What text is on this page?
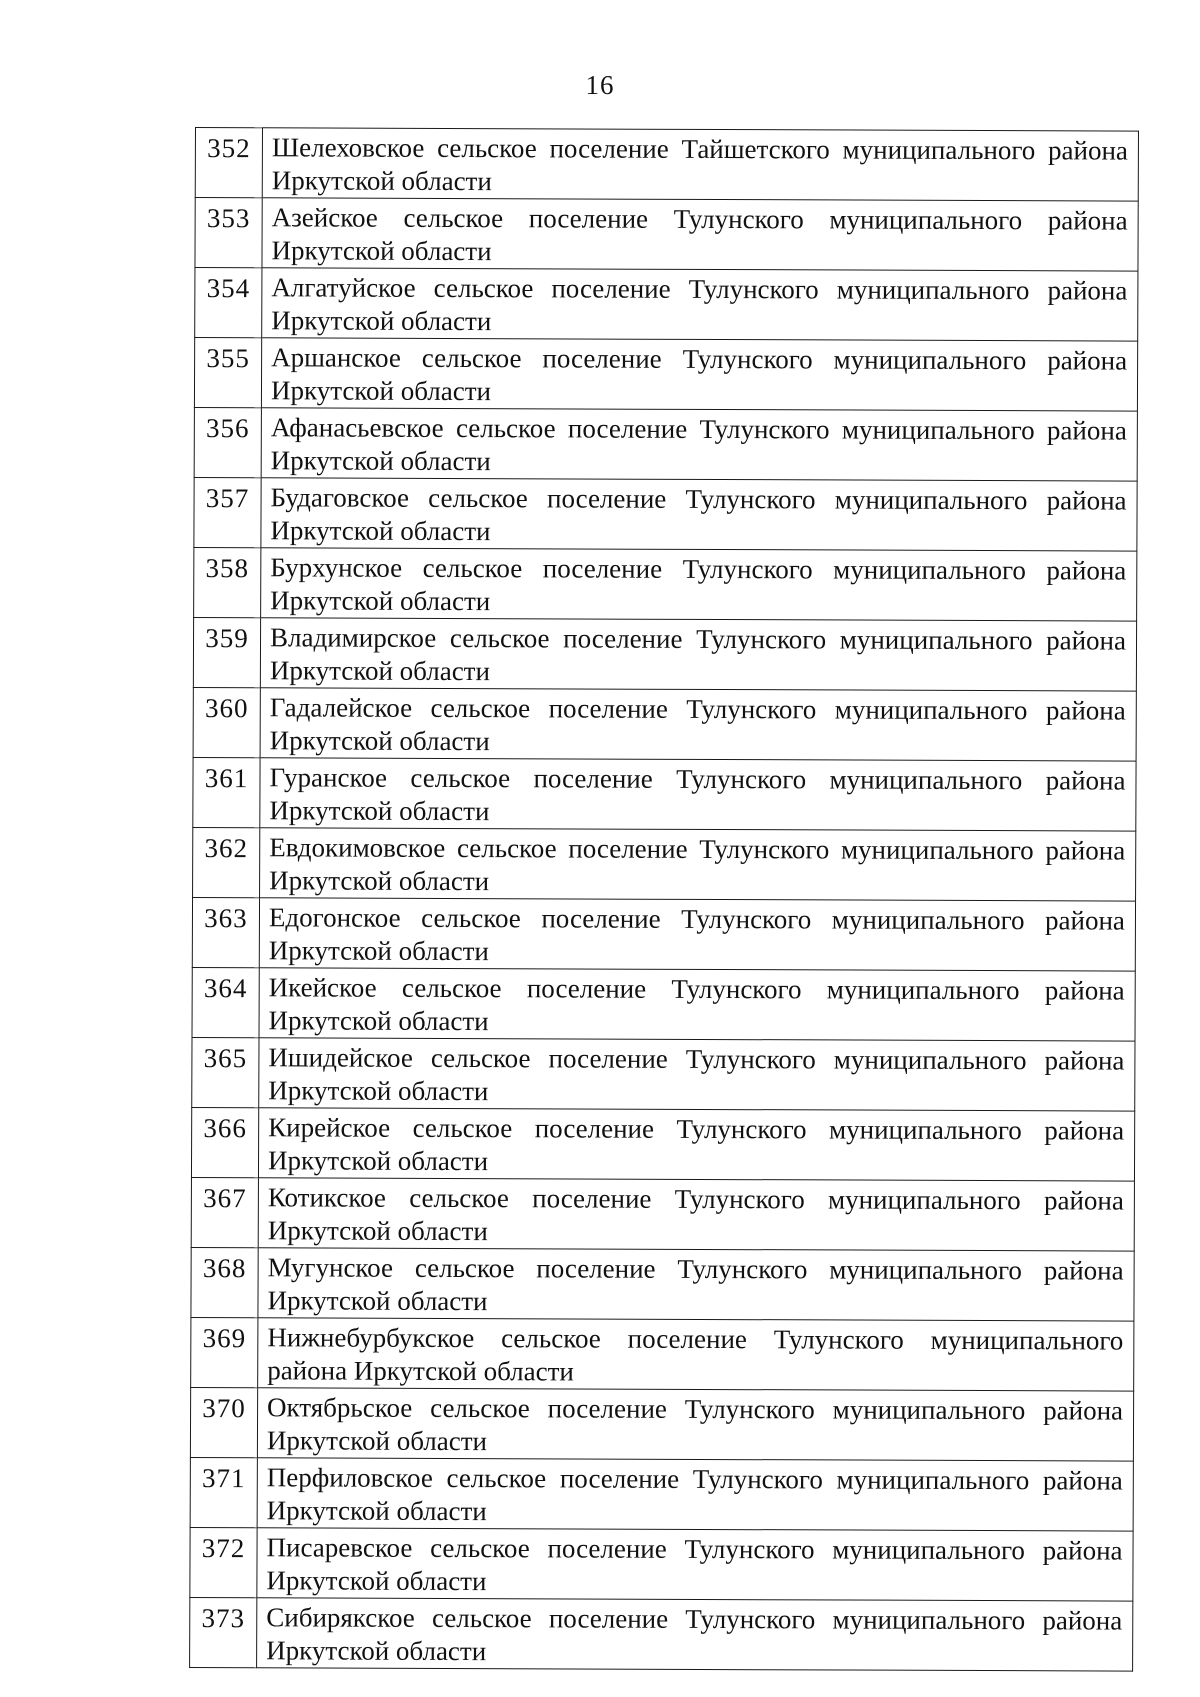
16
352	Шелеховское сельское поселение Тайшетского муниципального района Иркутской области

353	Азейское сельское поселение Тулунского муниципального района Иркутской области

354	Алгатуйское сельское поселение Тулунского муниципального района Иркутской области

355	Аршанское сельское поселение Тулунского муниципального района Иркутской области

356	Афанасьевское сельское поселение Тулунского муниципального района Иркутской области

357	Будаговское сельское поселение Тулунского муниципального района Иркутской области

358	Бурхунское сельское поселение Тулунского муниципального района Иркутской области

359	Владимирское сельское поселение Тулунского муниципального района Иркутской области

360	Гадалейское сельское поселение Тулунского муниципального района Иркутской области

361	Гуранское сельское поселение Тулунского муниципального района Иркутской области

362	Евдокимовское сельское поселение Тулунского муниципального района Иркутской области

363	Едогонское сельское поселение Тулунского муниципального района Иркутской области

364	Икейское сельское поселение Тулунского муниципального района Иркутской области

365	Ишидейское сельское поселение Тулунского муниципального района Иркутской области

366	Кирейское сельское поселение Тулунского муниципального района Иркутской области

367	Котикское сельское поселение Тулунского муниципального района Иркутской области

368	Мугунское сельское поселение Тулунского муниципального района Иркутской области

369	Нижнебурбукское сельское поселение Тулунского муниципального района Иркутской области

370	Октябрьское сельское поселение Тулунского муниципального района Иркутской области

371	Перфиловское сельское поселение Тулунского муниципального района Иркутской области

372	Писаревское сельское поселение Тулунского муниципального района Иркутской области

373	Сибирякское сельское поселение Тулунского муниципального района Иркутской области
